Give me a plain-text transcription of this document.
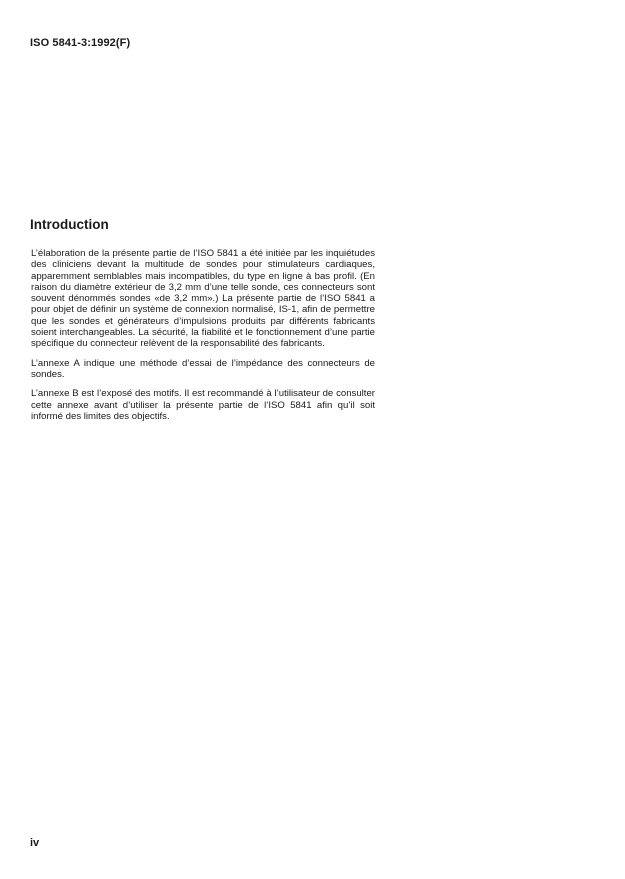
ISO 5841-3:1992(F)
Introduction

L’élaboration de la présente partie de l’ISO 5841 a été initiée par les inquiétudes des cliniciens devant la multitude de sondes pour stimulateurs cardiaques, apparemment semblables mais incompatibles, du type en ligne à bas profil. (En raison du diamètre extérieur de 3,2 mm d’une telle sonde, ces connecteurs sont souvent dénommés sondes «de 3,2 mm».) La présente partie de l’ISO 5841 a pour objet de définir un système de connexion normalisé, IS-1, afin de permettre que les sondes et générateurs d’impulsions produits par différents fabricants soient interchangeables. La sécurité, la fiabilité et le fonctionnement d’une partie spécifique du connecteur relèvent de la responsabilité des fabricants.

L’annexe A indique une méthode d’essai de l’impédance des connecteurs de sondes.

L’annexe B est l’exposé des motifs. Il est recommandé à l’utilisateur de consulter cette annexe avant d’utiliser la présente partie de l’ISO 5841 afin qu’il soit informé des limites des objectifs.

iv
